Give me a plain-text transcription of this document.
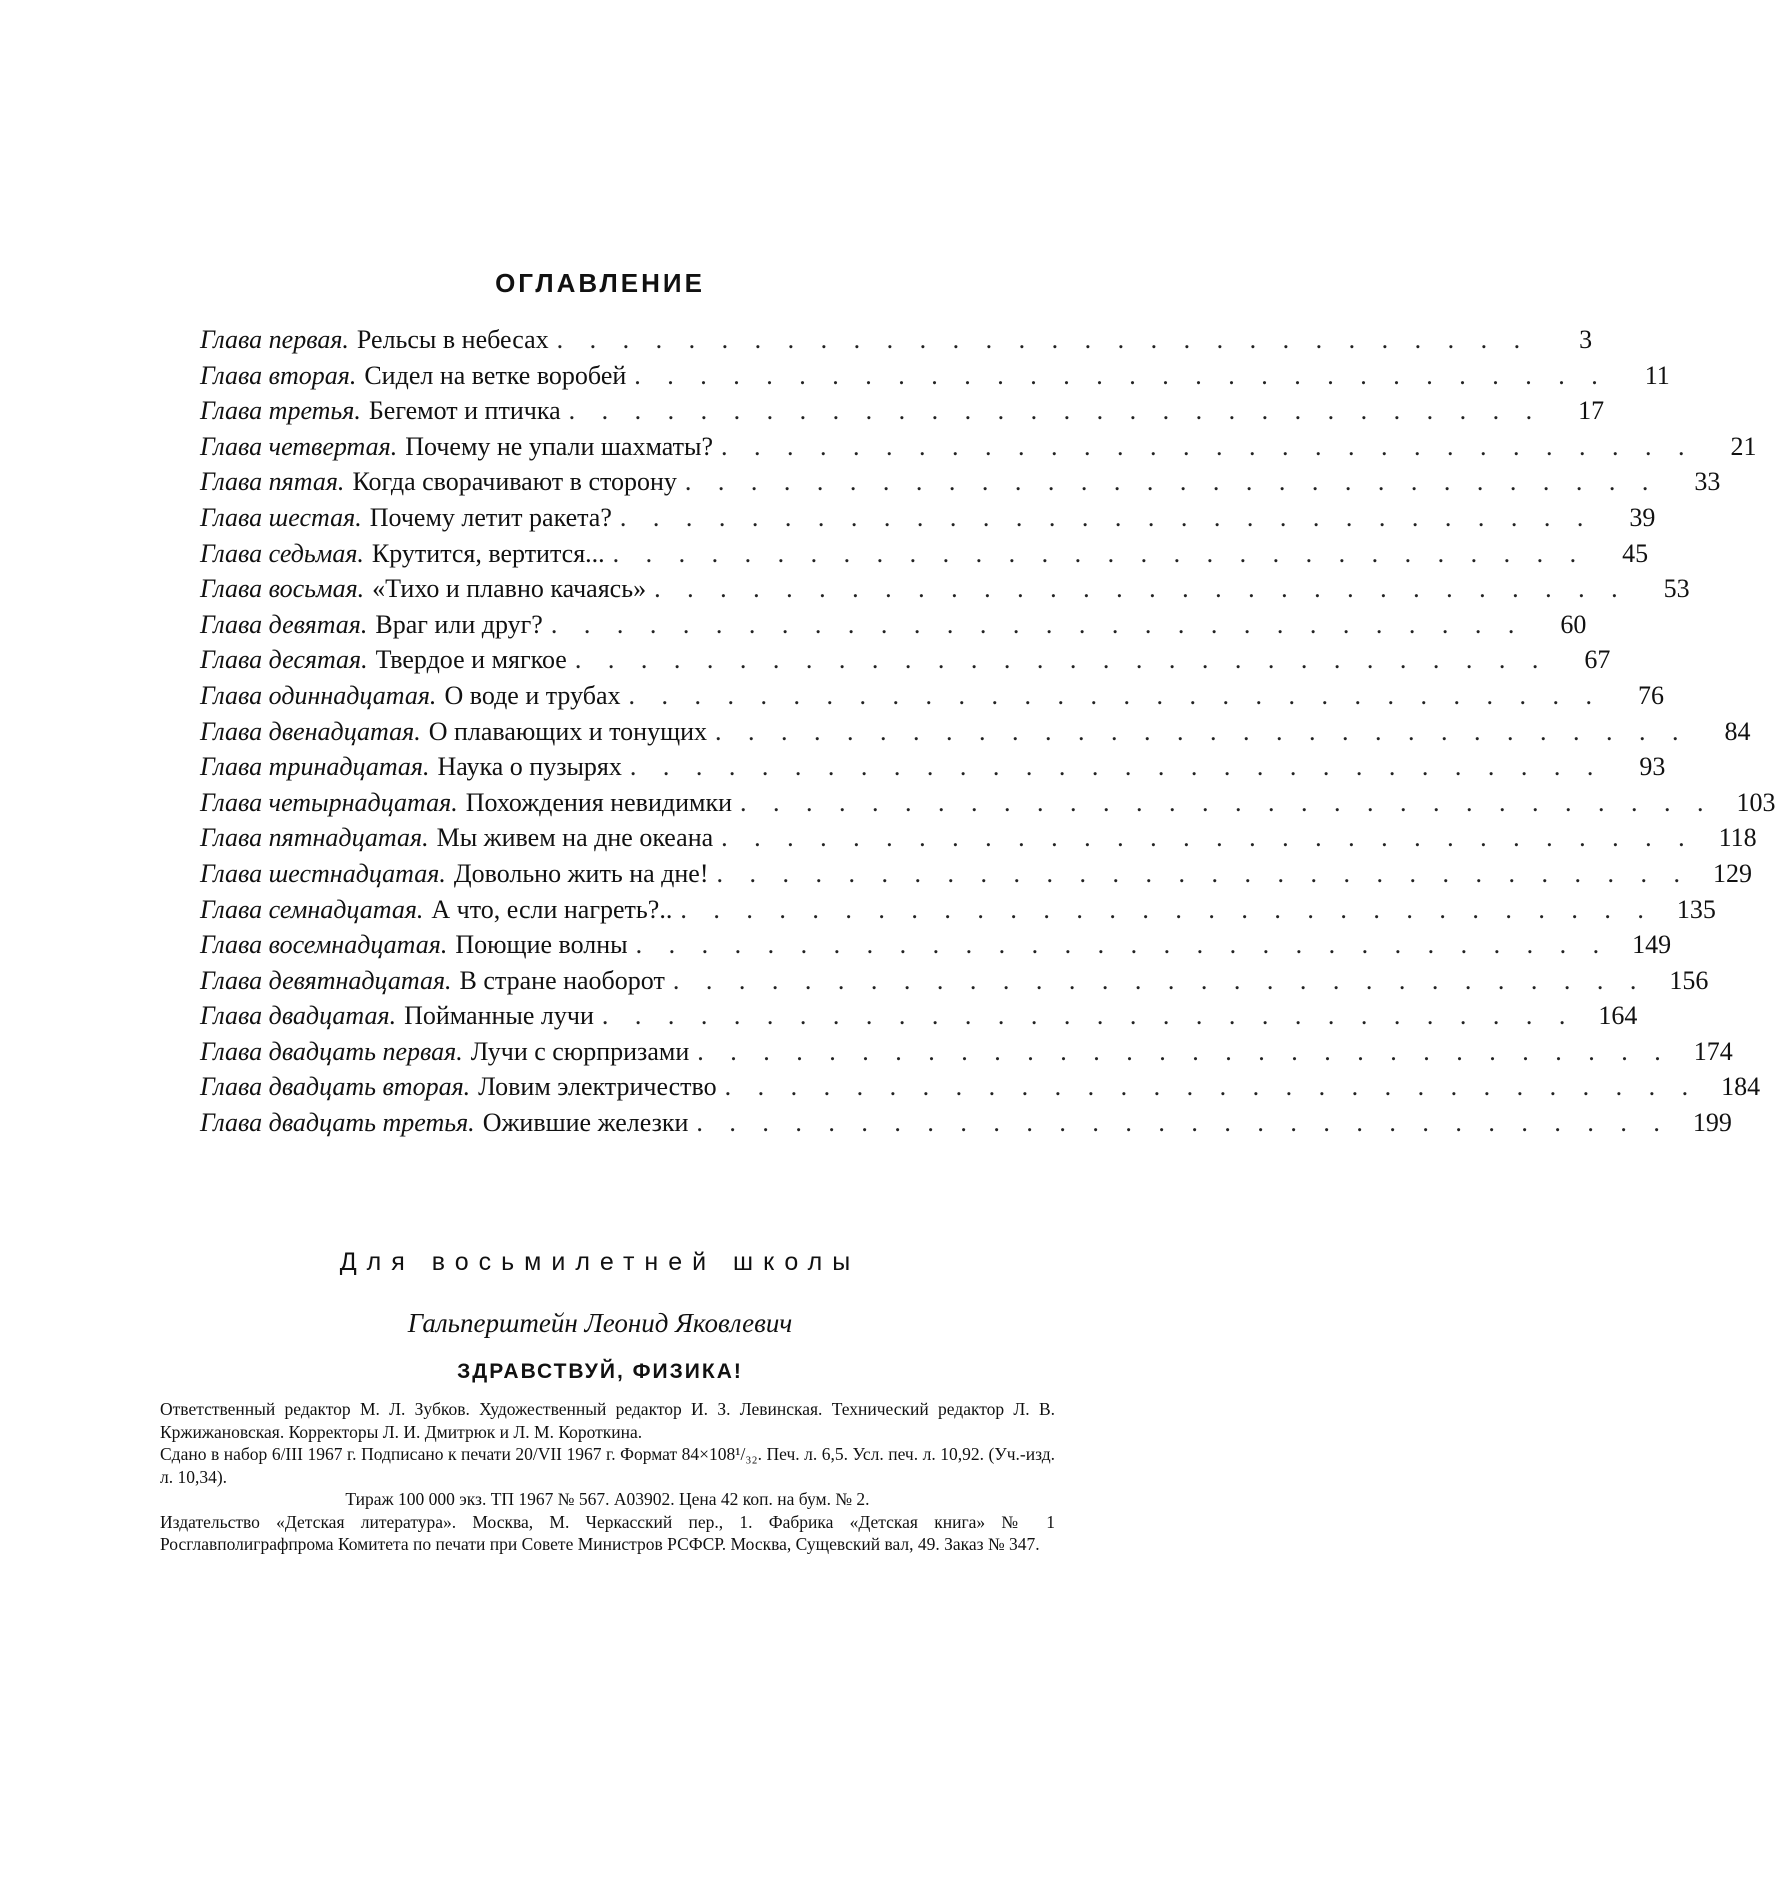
ОГЛАВЛЕНИЕ
Глава первая. Рельсы в небесах . . . . . . . . . . . . . . . . . . . . . . . . . . . . . .	3
Глава вторая. Сидел на ветке воробей . . . . . . . . . . . . . . . . . . . . . . . . . . . . . .	11
Глава третья. Бегемот и птичка . . . . . . . . . . . . . . . . . . . . . . . . . . . . . .	17
Глава четвертая. Почему не упали шахматы? . . . . . . . . . . . . . . . . . . . . . . . . . . . . . .	21
Глава пятая. Когда сворачивают в сторону . . . . . . . . . . . . . . . . . . . . . . . . . . . . . .	33
Глава шестая. Почему летит ракета? . . . . . . . . . . . . . . . . . . . . . . . . . . . . . .	39
Глава седьмая. Крутится, вертится... . . . . . . . . . . . . . . . . . . . . . . . . . . . . . .	45
Глава восьмая. «Тихо и плавно качаясь» . . . . . . . . . . . . . . . . . . . . . . . . . . . . . .	53
Глава девятая. Враг или друг? . . . . . . . . . . . . . . . . . . . . . . . . . . . . . .	60
Глава десятая. Твердое и мягкое . . . . . . . . . . . . . . . . . . . . . . . . . . . . . .	67
Глава одиннадцатая. О воде и трубах . . . . . . . . . . . . . . . . . . . . . . . . . . . . . .	76
Глава двенадцатая. О плавающих и тонущих . . . . . . . . . . . . . . . . . . . . . . . . . . . . . .	84
Глава тринадцатая. Наука о пузырях . . . . . . . . . . . . . . . . . . . . . . . . . . . . . .	93
Глава четырнадцатая. Похождения невидимки . . . . . . . . . . . . . . . . . . . . . . . . . . . . . . 103
Глава пятнадцатая. Мы живем на дне океана . . . . . . . . . . . . . . . . . . . . . . . . . . . . . . 118
Глава шестнадцатая. Довольно жить на дне! . . . . . . . . . . . . . . . . . . . . . . . . . . . . . . 129
Глава семнадцатая. А что, если нагреть?.. . . . . . . . . . . . . . . . . . . . . . . . . . . . . . . 135
Глава восемнадцатая. Поющие волны . . . . . . . . . . . . . . . . . . . . . . . . . . . . . . 149
Глава девятнадцатая. В стране наоборот . . . . . . . . . . . . . . . . . . . . . . . . . . . . . . 156
Глава двадцатая. Пойманные лучи . . . . . . . . . . . . . . . . . . . . . . . . . . . . . . 164
Глава двадцать первая. Лучи с сюрпризами . . . . . . . . . . . . . . . . . . . . . . . . . . . . . . 174
Глава двадцать вторая. Ловим электричество . . . . . . . . . . . . . . . . . . . . . . . . . . . . . . 184
Глава двадцать третья. Ожившие железки . . . . . . . . . . . . . . . . . . . . . . . . . . . . . . 199
Для восьмилетней школы
Гальперштейн Леонид Яковлевич
ЗДРАВСТВУЙ, ФИЗИКА!

Ответственный редактор М. Л. Зубков. Художественный редактор И. З. Левинская. Технический редактор Л. В. Кржижановская. Корректоры Л. И. Дмитрюк и Л. М. Короткина.

Сдано в набор 6/III 1967 г. Подписано к печати 20/VII 1967 г. Формат 84×108¹/₃₂. Печ. л. 6,5. Усл. печ. л. 10,92. (Уч.-изд. л. 10,34).

Тираж 100 000 экз. ТП 1967 № 567. А03902. Цена 42 коп. на бум. № 2.

Издательство «Детская литература». Москва, М. Черкасский пер., 1. Фабрика «Детская книга» № 1 Росглавполиграфпрома Комитета по печати при Совете Министров РСФСР. Москва, Сущевский вал, 49. Заказ № 347.
